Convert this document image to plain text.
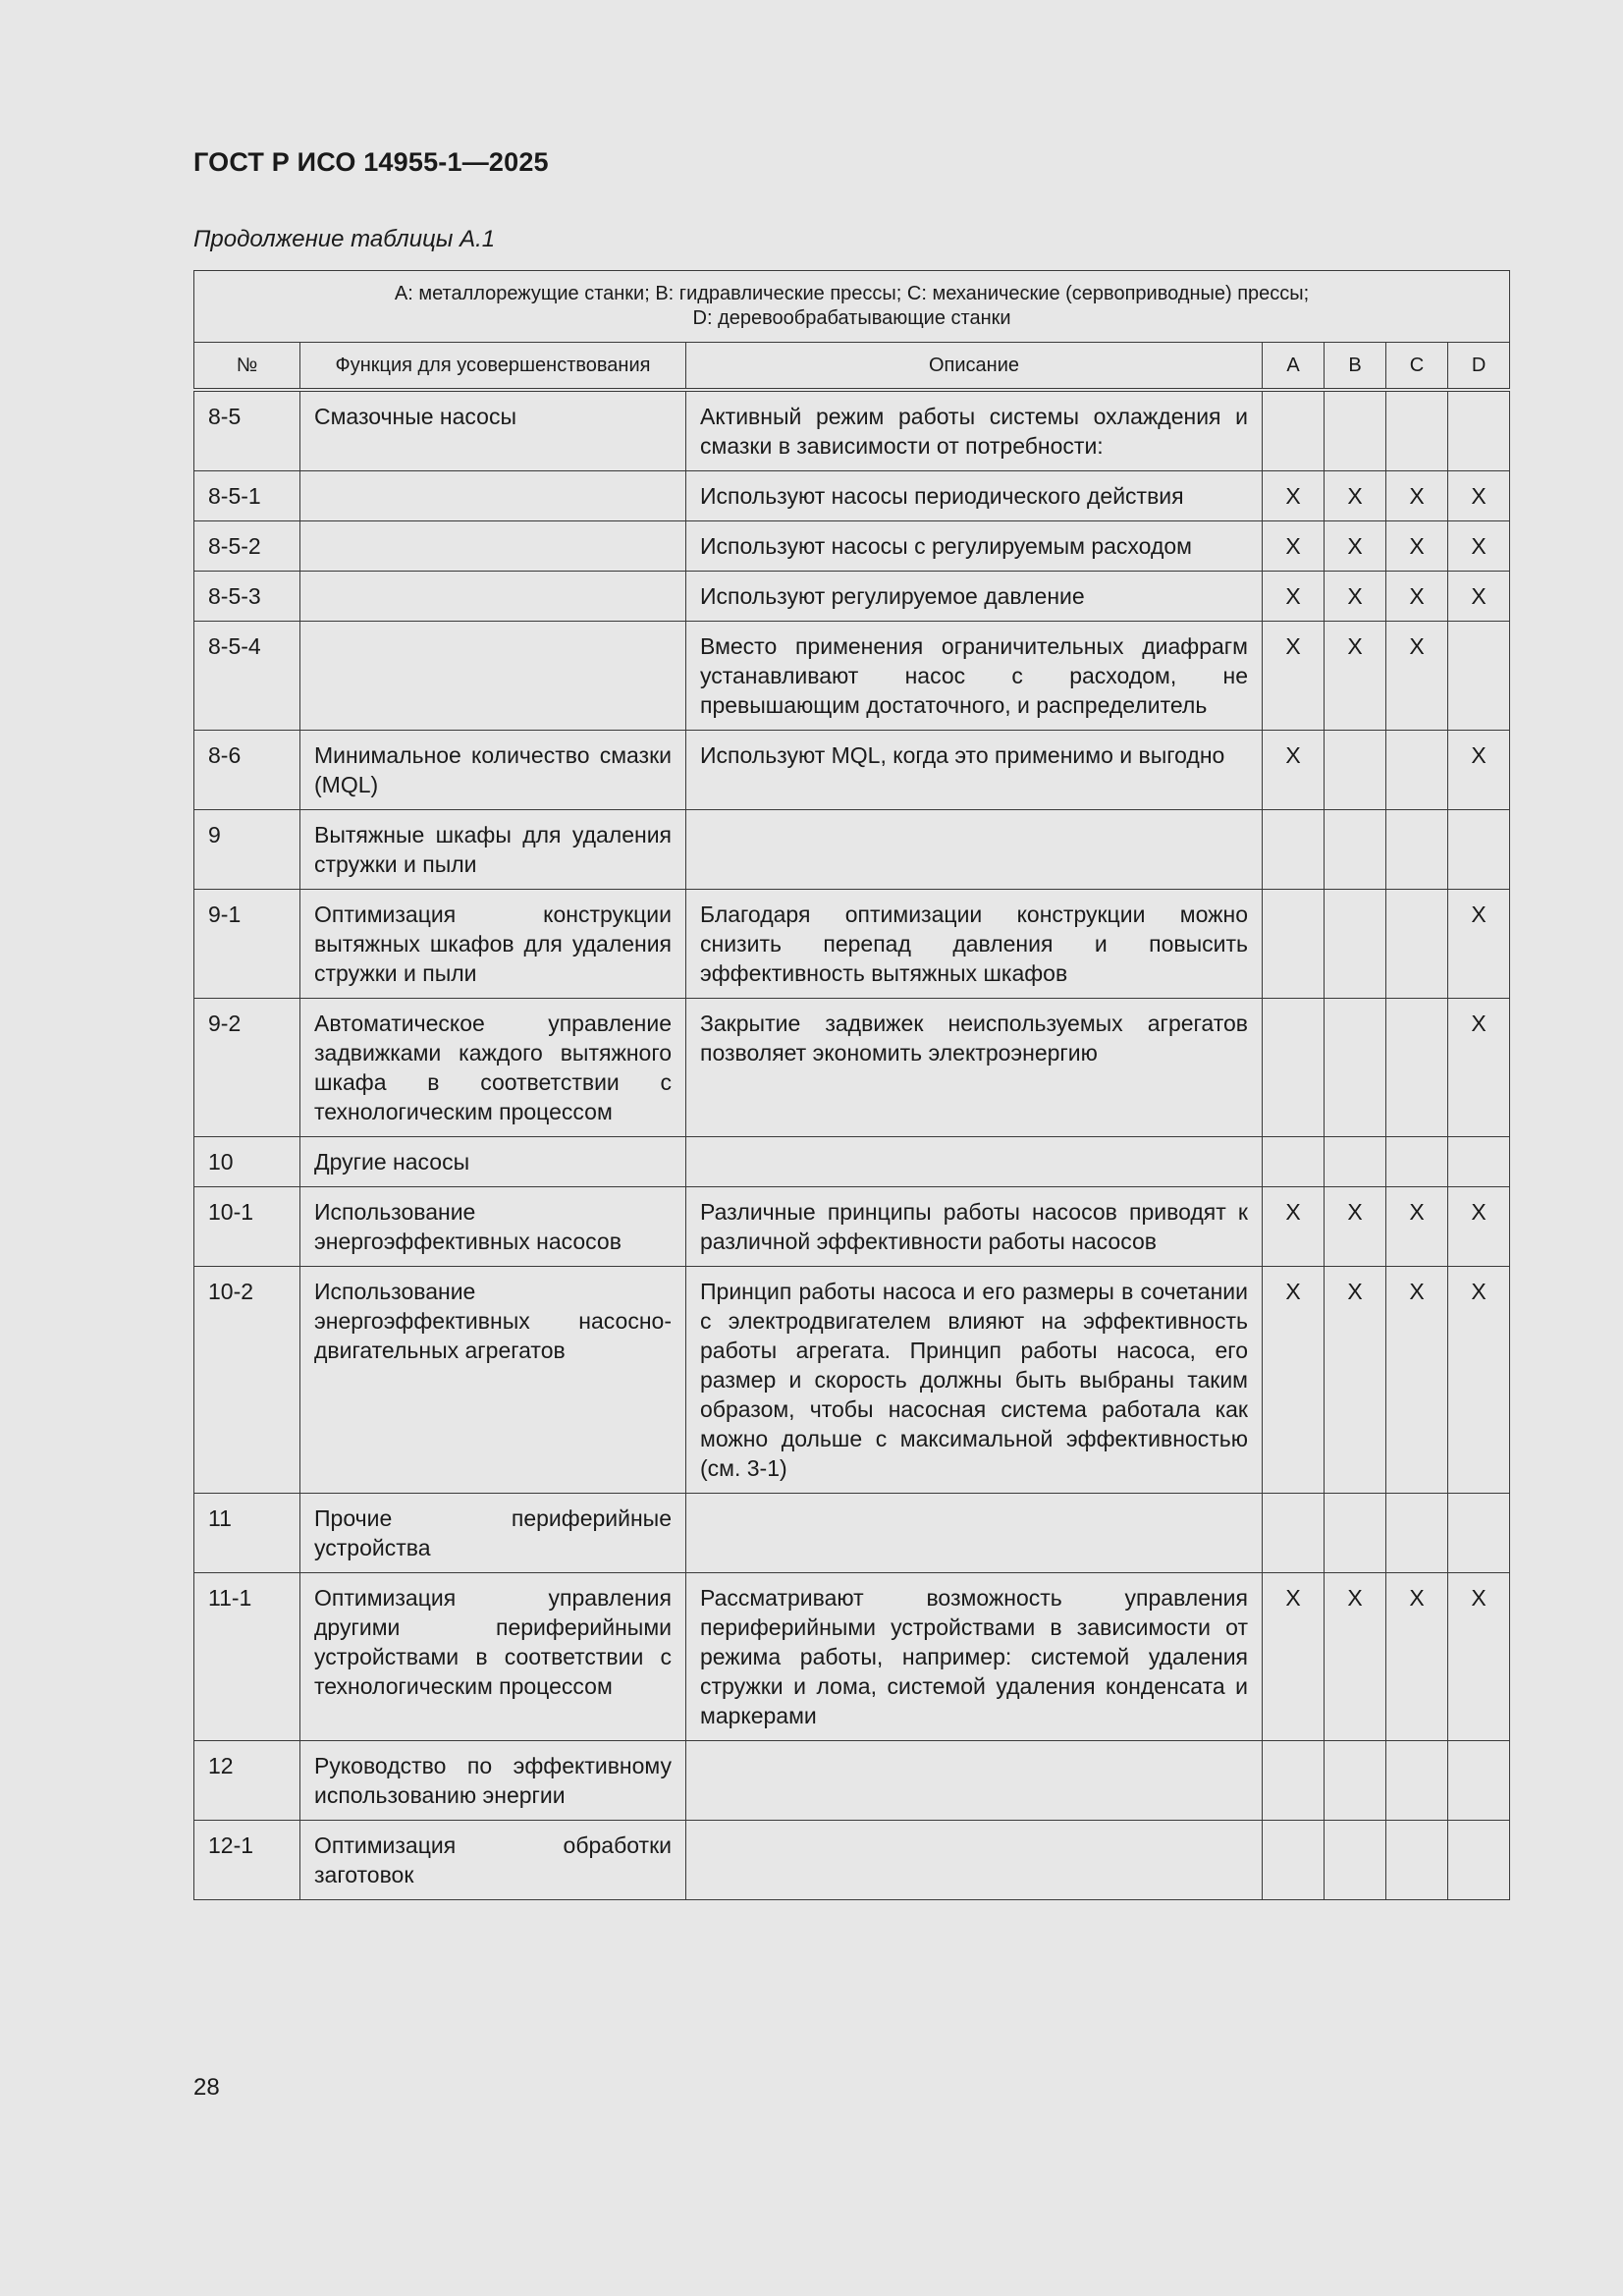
ГОСТ Р ИСО 14955-1—2025
Продолжение таблицы А.1
A: металлорежущие станки; B: гидравлические прессы; C: механические (сервоприводные) прессы;
D: деревообрабатывающие станки						
№	Функция для усовершенствования	Описание	A	B	C	D
8-5	Смазочные насосы	Активный режим работы системы охлаждения и смазки в зависимости от потребности:				
8-5-1		Используют насосы периодического действия	X	X	X	X
8-5-2		Используют насосы с регулируемым расходом	X	X	X	X
8-5-3		Используют регулируемое давление	X	X	X	X
8-5-4		Вместо применения ограничительных диафрагм устанавливают насос с расходом, не превышающим достаточного, и распределитель	X	X	X	
8-6	Минимальное количество смазки (MQL)	Используют MQL, когда это применимо и выгодно	X			X
9	Вытяжные шкафы для удаления стружки и пыли					
9-1	Оптимизация конструкции вытяжных шкафов для удаления стружки и пыли	Благодаря оптимизации конструкции можно снизить перепад давления и повысить эффективность вытяжных шкафов				X
9-2	Автоматическое управление задвижками каждого вытяжного шкафа в соответствии с технологическим процессом	Закрытие задвижек неиспользуемых агрегатов позволяет экономить электроэнергию				X
10	Другие насосы					
10-1	Использование энергоэффективных насосов	Различные принципы работы насосов приводят к различной эффективности работы насосов	X	X	X	X
10-2	Использование энергоэффективных насосно-двигательных агрегатов	Принцип работы насоса и его размеры в сочетании с электродвигателем влияют на эффективность работы агрегата. Принцип работы насоса, его размер и скорость должны быть выбраны таким образом, чтобы насосная система работала как можно дольше с максимальной эффективностью (см. 3-1)	X	X	X	X
11	Прочие периферийные устройства					
11-1	Оптимизация управления другими периферийными устройствами в соответствии с технологическим процессом	Рассматривают возможность управления периферийными устройствами в зависимости от режима работы, например: системой удаления стружки и лома, системой удаления конденсата и маркерами	X	X	X	X
12	Руководство по эффективному использованию энергии					
12-1	Оптимизация обработки заготовок					
28
